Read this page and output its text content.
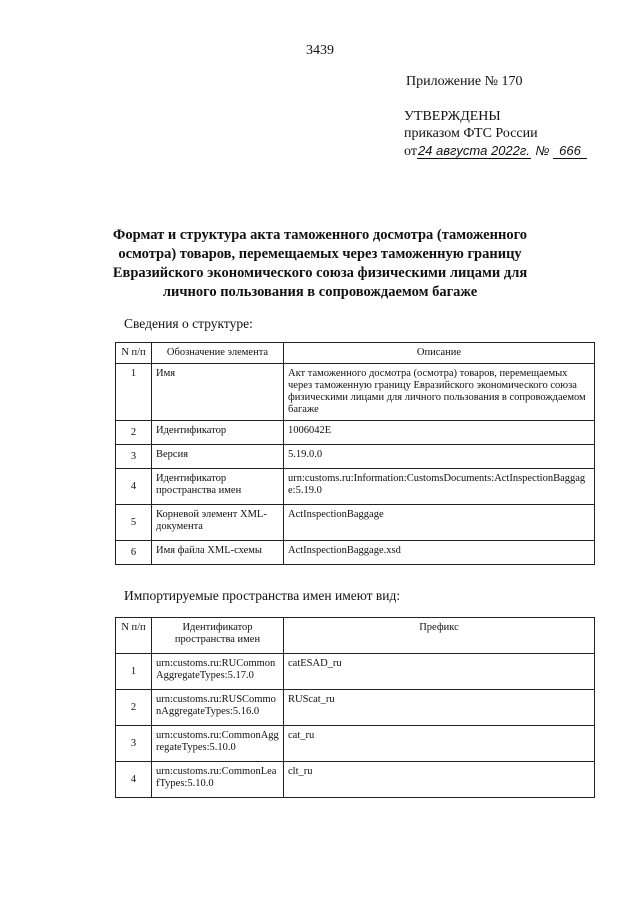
3439
Приложение № 170
УТВЕРЖДЕНЫ
приказом ФТС России
от24 августа 2022г. № 666
Формат и структура акта таможенного досмотра (таможенного осмотра) товаров, перемещаемых через таможенную границу Евразийского экономического союза физическими лицами для личного пользования в сопровождаемом багаже
Сведения о структуре:
N п/п	Обозначение элемента	Описание
1	Имя	Акт таможенного досмотра (осмотра) товаров, перемещаемых через таможенную границу Евразийского экономического союза физическими лицами для личного пользования в сопровождаемом багаже
2	Идентификатор	1006042E
3	Версия	5.19.0.0
4	Идентификатор пространства имен	urn:customs.ru:Information:CustomsDocuments:ActInspectionBaggage:5.19.0
5	Корневой элемент XML-документа	ActInspectionBaggage
6	Имя файла XML-схемы	ActInspectionBaggage.xsd
Импортируемые пространства имен имеют вид:
N п/п	Идентификатор пространства имен	Префикс
1	urn:customs.ru:RUCommonAggregateTypes:5.17.0	catESAD_ru
2	urn:customs.ru:RUSCommonAggregateTypes:5.16.0	RUScat_ru
3	urn:customs.ru:CommonAggregateTypes:5.10.0	cat_ru
4	urn:customs.ru:CommonLeafTypes:5.10.0	clt_ru
